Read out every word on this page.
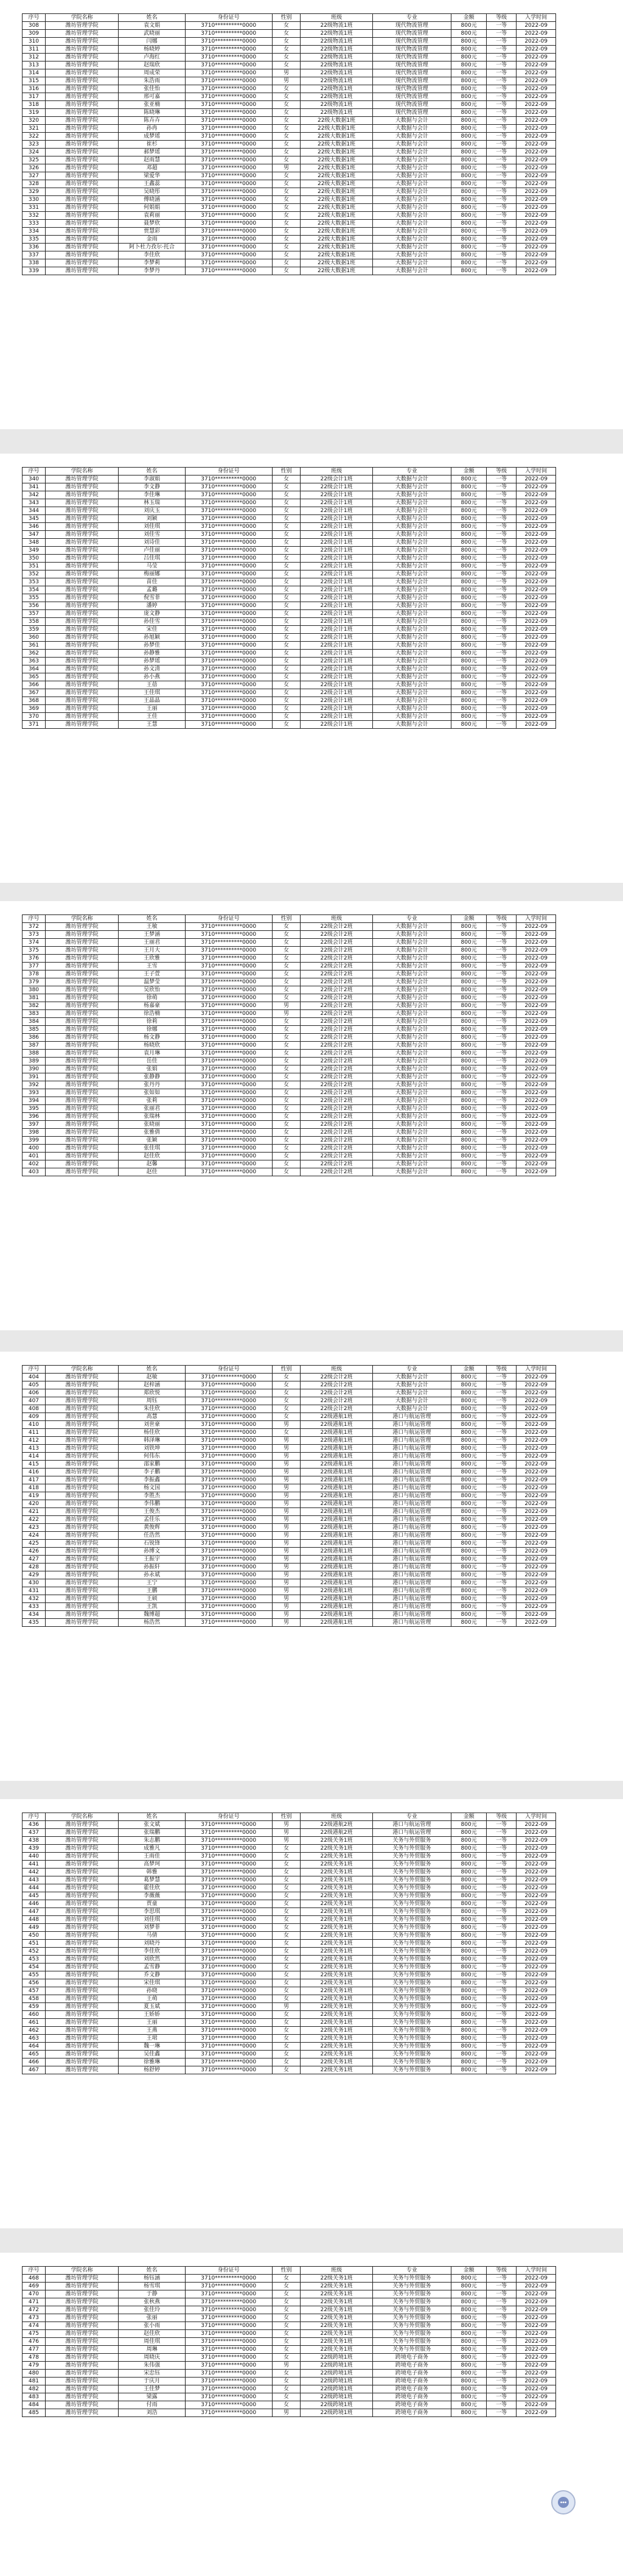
序号	学院名称	姓名	身份证号	性别	班级	专业	金额	等级	入学时间
308	潍坊管理学院	袁文娟	3710**********0000	女	22级物流1班	现代物流管理	800元	一等	2022-09
309	潍坊管理学院	武晓丽	3710**********0000	女	22级物流1班	现代物流管理	800元	一等	2022-09
310	潍坊管理学院	闫娜	3710**********0000	女	22级物流1班	现代物流管理	800元	一等	2022-09
311	潍坊管理学院	杨晓婷	3710**********0000	女	22级物流1班	现代物流管理	800元	一等	2022-09
312	潍坊管理学院	卢海红	3710**********0000	女	22级物流1班	现代物流管理	800元	一等	2022-09
313	潍坊管理学院	赵瑞欣	3710**********0000	女	22级物流1班	现代物流管理	800元	一等	2022-09
314	潍坊管理学院	周成荣	3710**********0000	男	22级物流1班	现代物流管理	800元	一等	2022-09
315	潍坊管理学院	朱浩雨	3710**********0000	男	22级物流1班	现代物流管理	800元	一等	2022-09
316	潍坊管理学院	张佳怡	3710**********0000	女	22级物流1班	现代物流管理	800元	一等	2022-09
317	潍坊管理学院	邢可嘉	3710**********0000	女	22级物流1班	现代物流管理	800元	一等	2022-09
318	潍坊管理学院	张亚楠	3710**********0000	女	22级物流1班	现代物流管理	800元	一等	2022-09
319	潍坊管理学院	陈晓琳	3710**********0000	女	22级物流1班	现代物流管理	800元	一等	2022-09
320	潍坊管理学院	陈卉卉	3710**********0000	女	22级大数据1班	大数据与会计	800元	一等	2022-09
321	潍坊管理学院	孙冉	3710**********0000	女	22级大数据1班	大数据与会计	800元	一等	2022-09
322	潍坊管理学院	成梦瑶	3710**********0000	女	22级大数据1班	大数据与会计	800元	一等	2022-09
323	潍坊管理学院	崔杉	3710**********0000	女	22级大数据1班	大数据与会计	800元	一等	2022-09
324	潍坊管理学院	郝梦瑶	3710**********0000	女	22级大数据1班	大数据与会计	800元	一等	2022-09
325	潍坊管理学院	赵雨慧	3710**********0000	女	22级大数据1班	大数据与会计	800元	一等	2022-09
326	潍坊管理学院	邓超	3710**********0000	男	22级大数据1班	大数据与会计	800元	一等	2022-09
327	潍坊管理学院	梁爱华	3710**********0000	女	22级大数据1班	大数据与会计	800元	一等	2022-09
328	潍坊管理学院	王鑫蕊	3710**********0000	女	22级大数据1班	大数据与会计	800元	一等	2022-09
329	潍坊管理学院	吴晓彤	3710**********0000	女	22级大数据1班	大数据与会计	800元	一等	2022-09
330	潍坊管理学院	傅晓涵	3710**********0000	女	22级大数据1班	大数据与会计	800元	一等	2022-09
331	潍坊管理学院	何娟娟	3710**********0000	女	22级大数据1班	大数据与会计	800元	一等	2022-09
332	潍坊管理学院	袁莉丽	3710**********0000	女	22级大数据1班	大数据与会计	800元	一等	2022-09
333	潍坊管理学院	聂梦欣	3710**********0000	女	22级大数据1班	大数据与会计	800元	一等	2022-09
334	潍坊管理学院	贾慧彩	3710**********0000	女	22级大数据1班	大数据与会计	800元	一等	2022-09
335	潍坊管理学院	金雨	3710**********0000	女	22级大数据1班	大数据与会计	800元	一等	2022-09
336	潍坊管理学院	阿卜杜力孜尔·托合	3710**********0000	女	22级大数据1班	大数据与会计	800元	一等	2022-09
337	潍坊管理学院	李佳欣	3710**********0000	女	22级大数据1班	大数据与会计	800元	一等	2022-09
338	潍坊管理学院	李梦莉	3710**********0000	女	22级大数据1班	大数据与会计	800元	一等	2022-09
339	潍坊管理学院	李梦丹	3710**********0000	女	22级大数据1班	大数据与会计	800元	一等	2022-09
序号	学院名称	姓名	身份证号	性别	班级	专业	金额	等级	入学时间
340	潍坊管理学院	李淑娟	3710**********0000	女	22级会计1班	大数据与会计	800元	一等	2022-09
341	潍坊管理学院	李文静	3710**********0000	女	22级会计1班	大数据与会计	800元	一等	2022-09
342	潍坊管理学院	李佳琳	3710**********0000	女	22级会计1班	大数据与会计	800元	一等	2022-09
343	潍坊管理学院	林玉瑞	3710**********0000	女	22级会计1班	大数据与会计	800元	一等	2022-09
344	潍坊管理学院	刘庆玉	3710**********0000	女	22级会计1班	大数据与会计	800元	一等	2022-09
345	潍坊管理学院	刘颖	3710**********0000	女	22级会计1班	大数据与会计	800元	一等	2022-09
346	潍坊管理学院	刘佳琪	3710**********0000	女	22级会计1班	大数据与会计	800元	一等	2022-09
347	潍坊管理学院	刘佳雪	3710**********0000	女	22级会计1班	大数据与会计	800元	一等	2022-09
348	潍坊管理学院	刘诗佳	3710**********0000	女	22级会计1班	大数据与会计	800元	一等	2022-09
349	潍坊管理学院	卢佳丽	3710**********0000	女	22级会计1班	大数据与会计	800元	一等	2022-09
350	潍坊管理学院	吕佳琪	3710**********0000	女	22级会计1班	大数据与会计	800元	一等	2022-09
351	潍坊管理学院	马莹	3710**********0000	女	22级会计1班	大数据与会计	800元	一等	2022-09
352	潍坊管理学院	梅丽娜	3710**********0000	女	22级会计1班	大数据与会计	800元	一等	2022-09
353	潍坊管理学院	苗佳	3710**********0000	女	22级会计1班	大数据与会计	800元	一等	2022-09
354	潍坊管理学院	孟璐	3710**********0000	女	22级会计1班	大数据与会计	800元	一等	2022-09
355	潍坊管理学院	倪雪菲	3710**********0000	女	22级会计1班	大数据与会计	800元	一等	2022-09
356	潍坊管理学院	潘婷	3710**********0000	女	22级会计1班	大数据与会计	800元	一等	2022-09
357	潍坊管理学院	庞文静	3710**********0000	女	22级会计1班	大数据与会计	800元	一等	2022-09
358	潍坊管理学院	孙佳雪	3710**********0000	女	22级会计1班	大数据与会计	800元	一等	2022-09
359	潍坊管理学院	宋佳	3710**********0000	女	22级会计1班	大数据与会计	800元	一等	2022-09
360	潍坊管理学院	孙旭颖	3710**********0000	女	22级会计1班	大数据与会计	800元	一等	2022-09
361	潍坊管理学院	孙梦佳	3710**********0000	女	22级会计1班	大数据与会计	800元	一等	2022-09
362	潍坊管理学院	孙静雅	3710**********0000	女	22级会计1班	大数据与会计	800元	一等	2022-09
363	潍坊管理学院	孙梦瑶	3710**********0000	女	22级会计1班	大数据与会计	800元	一等	2022-09
364	潍坊管理学院	孙文清	3710**********0000	女	22级会计1班	大数据与会计	800元	一等	2022-09
365	潍坊管理学院	孙小燕	3710**********0000	女	22级会计1班	大数据与会计	800元	一等	2022-09
366	潍坊管理学院	王蓓	3710**********0000	女	22级会计1班	大数据与会计	800元	一等	2022-09
367	潍坊管理学院	王佳琪	3710**********0000	女	22级会计1班	大数据与会计	800元	一等	2022-09
368	潍坊管理学院	王晶晶	3710**********0000	女	22级会计1班	大数据与会计	800元	一等	2022-09
369	潍坊管理学院	王丽	3710**********0000	女	22级会计1班	大数据与会计	800元	一等	2022-09
370	潍坊管理学院	王佳	3710**********0000	女	22级会计1班	大数据与会计	800元	一等	2022-09
371	潍坊管理学院	王慧	3710**********0000	女	22级会计1班	大数据与会计	800元	一等	2022-09
序号	学院名称	姓名	身份证号	性别	班级	专业	金额	等级	入学时间
372	潍坊管理学院	王敏	3710**********0000	女	22级会计2班	大数据与会计	800元	一等	2022-09
373	潍坊管理学院	王梦涵	3710**********0000	女	22级会计2班	大数据与会计	800元	一等	2022-09
374	潍坊管理学院	王丽君	3710**********0000	女	22级会计2班	大数据与会计	800元	一等	2022-09
375	潍坊管理学院	王月大	3710**********0000	女	22级会计2班	大数据与会计	800元	一等	2022-09
376	潍坊管理学院	王欣雅	3710**********0000	女	22级会计2班	大数据与会计	800元	一等	2022-09
377	潍坊管理学院	王雪	3710**********0000	女	22级会计2班	大数据与会计	800元	一等	2022-09
378	潍坊管理学院	王子萱	3710**********0000	女	22级会计2班	大数据与会计	800元	一等	2022-09
379	潍坊管理学院	温梦莹	3710**********0000	女	22级会计2班	大数据与会计	800元	一等	2022-09
380	潍坊管理学院	吴欣怡	3710**********0000	女	22级会计2班	大数据与会计	800元	一等	2022-09
381	潍坊管理学院	徐萌	3710**********0000	女	22级会计2班	大数据与会计	800元	一等	2022-09
382	潍坊管理学院	杨嘉豪	3710**********0000	男	22级会计2班	大数据与会计	800元	一等	2022-09
383	潍坊管理学院	徐浩楠	3710**********0000	男	22级会计2班	大数据与会计	800元	一等	2022-09
384	潍坊管理学院	徐莉	3710**********0000	女	22级会计2班	大数据与会计	800元	一等	2022-09
385	潍坊管理学院	徐娜	3710**********0000	女	22级会计2班	大数据与会计	800元	一等	2022-09
386	潍坊管理学院	杨文静	3710**********0000	女	22级会计2班	大数据与会计	800元	一等	2022-09
387	潍坊管理学院	杨晓欣	3710**********0000	女	22级会计2班	大数据与会计	800元	一等	2022-09
388	潍坊管理学院	袁月琳	3710**********0000	女	22级会计2班	大数据与会计	800元	一等	2022-09
389	潍坊管理学院	岳佳	3710**********0000	女	22级会计2班	大数据与会计	800元	一等	2022-09
390	潍坊管理学院	张娟	3710**********0000	女	22级会计2班	大数据与会计	800元	一等	2022-09
391	潍坊管理学院	张静静	3710**********0000	女	22级会计2班	大数据与会计	800元	一等	2022-09
392	潍坊管理学院	张丹丹	3710**********0000	女	22级会计2班	大数据与会计	800元	一等	2022-09
393	潍坊管理学院	张如如	3710**********0000	女	22级会计2班	大数据与会计	800元	一等	2022-09
394	潍坊管理学院	张莉	3710**********0000	女	22级会计2班	大数据与会计	800元	一等	2022-09
395	潍坊管理学院	张丽君	3710**********0000	女	22级会计2班	大数据与会计	800元	一等	2022-09
396	潍坊管理学院	张瑞林	3710**********0000	女	22级会计2班	大数据与会计	800元	一等	2022-09
397	潍坊管理学院	张晓丽	3710**********0000	女	22级会计2班	大数据与会计	800元	一等	2022-09
398	潍坊管理学院	张雅倩	3710**********0000	女	22级会计2班	大数据与会计	800元	一等	2022-09
399	潍坊管理学院	张颖	3710**********0000	女	22级会计2班	大数据与会计	800元	一等	2022-09
400	潍坊管理学院	张佳琪	3710**********0000	女	22级会计2班	大数据与会计	800元	一等	2022-09
401	潍坊管理学院	赵佳欣	3710**********0000	女	22级会计2班	大数据与会计	800元	一等	2022-09
402	潍坊管理学院	赵馨	3710**********0000	女	22级会计2班	大数据与会计	800元	一等	2022-09
403	潍坊管理学院	赵佳	3710**********0000	女	22级会计2班	大数据与会计	800元	一等	2022-09
序号	学院名称	姓名	身份证号	性别	班级	专业	金额	等级	入学时间
404	潍坊管理学院	赵敏	3710**********0000	女	22级会计2班	大数据与会计	800元	一等	2022-09
405	潍坊管理学院	赵梓涵	3710**********0000	女	22级会计2班	大数据与会计	800元	一等	2022-09
406	潍坊管理学院	郑欣悦	3710**********0000	女	22级会计2班	大数据与会计	800元	一等	2022-09
407	潍坊管理学院	周钰	3710**********0000	女	22级会计2班	大数据与会计	800元	一等	2022-09
408	潍坊管理学院	朱佳欣	3710**********0000	女	22级会计2班	大数据与会计	800元	一等	2022-09
409	潍坊管理学院	高慧	3710**********0000	女	22级港航1班	港口与航运管理	800元	一等	2022-09
410	潍坊管理学院	刘世豪	3710**********0000	男	22级港航1班	港口与航运管理	800元	一等	2022-09
411	潍坊管理学院	杨佳欣	3710**********0000	女	22级港航1班	港口与航运管理	800元	一等	2022-09
412	潍坊管理学院	韩泽琳	3710**********0000	男	22级港航1班	港口与航运管理	800元	一等	2022-09
413	潍坊管理学院	刘铁坤	3710**********0000	男	22级港航1班	港口与航运管理	800元	一等	2022-09
414	潍坊管理学院	何伟东	3710**********0000	男	22级港航1班	港口与航运管理	800元	一等	2022-09
415	潍坊管理学院	邵家鹏	3710**********0000	男	22级港航1班	港口与航运管理	800元	一等	2022-09
416	潍坊管理学院	李子鹏	3710**********0000	男	22级港航1班	港口与航运管理	800元	一等	2022-09
417	潍坊管理学院	李振鑫	3710**********0000	男	22级港航1班	港口与航运管理	800元	一等	2022-09
418	潍坊管理学院	杨文国	3710**********0000	男	22级港航1班	港口与航运管理	800元	一等	2022-09
419	潍坊管理学院	李胜杰	3710**********0000	男	22级港航1班	港口与航运管理	800元	一等	2022-09
420	潍坊管理学院	李伟鹏	3710**********0000	男	22级港航1班	港口与航运管理	800元	一等	2022-09
421	潍坊管理学院	王俊杰	3710**********0000	男	22级港航1班	港口与航运管理	800元	一等	2022-09
422	潍坊管理学院	孟佳乐	3710**********0000	男	22级港航1班	港口与航运管理	800元	一等	2022-09
423	潍坊管理学院	黄俊辉	3710**********0000	男	22级港航1班	港口与航运管理	800元	一等	2022-09
424	潍坊管理学院	任浩然	3710**********0000	男	22级港航1班	港口与航运管理	800元	一等	2022-09
425	潍坊管理学院	石锐锋	3710**********0000	男	22级港航1班	港口与航运管理	800元	一等	2022-09
426	潍坊管理学院	孙博文	3710**********0000	男	22级港航1班	港口与航运管理	800元	一等	2022-09
427	潍坊管理学院	王振宇	3710**********0000	男	22级港航1班	港口与航运管理	800元	一等	2022-09
428	潍坊管理学院	孙振轩	3710**********0000	男	22级港航1班	港口与航运管理	800元	一等	2022-09
429	潍坊管理学院	孙永斌	3710**********0000	男	22级港航1班	港口与航运管理	800元	一等	2022-09
430	潍坊管理学院	王宁	3710**********0000	男	22级港航1班	港口与航运管理	800元	一等	2022-09
431	潍坊管理学院	王鹏	3710**********0000	男	22级港航1班	港口与航运管理	800元	一等	2022-09
432	潍坊管理学院	王硕	3710**********0000	男	22级港航1班	港口与航运管理	800元	一等	2022-09
433	潍坊管理学院	王凯	3710**********0000	男	22级港航1班	港口与航运管理	800元	一等	2022-09
434	潍坊管理学院	魏博超	3710**********0000	男	22级港航1班	港口与航运管理	800元	一等	2022-09
435	潍坊管理学院	杨浩然	3710**********0000	男	22级港航1班	港口与航运管理	800元	一等	2022-09
序号	学院名称	姓名	身份证号	性别	班级	专业	金额	等级	入学时间
436	潍坊管理学院	张文斌	3710**********0000	男	22级港航2班	港口与航运管理	800元	一等	2022-09
437	潍坊管理学院	张瑞鹏	3710**********0000	男	22级港航2班	港口与航运管理	800元	一等	2022-09
438	潍坊管理学院	朱志鹏	3710**********0000	男	22级关务1班	关务与外贸服务	800元	一等	2022-09
439	潍坊管理学院	成雅凡	3710**********0000	女	22级关务1班	关务与外贸服务	800元	一等	2022-09
440	潍坊管理学院	王雨佳	3710**********0000	女	22级关务1班	关务与外贸服务	800元	一等	2022-09
441	潍坊管理学院	高梦珂	3710**********0000	女	22级关务1班	关务与外贸服务	800元	一等	2022-09
442	潍坊管理学院	韩雅	3710**********0000	女	22级关务1班	关务与外贸服务	800元	一等	2022-09
443	潍坊管理学院	葛梦慧	3710**********0000	女	22级关务1班	关务与外贸服务	800元	一等	2022-09
444	潍坊管理学院	霍佳欣	3710**********0000	女	22级关务1班	关务与外贸服务	800元	一等	2022-09
445	潍坊管理学院	李薇薇	3710**********0000	女	22级关务1班	关务与外贸服务	800元	一等	2022-09
446	潍坊管理学院	贾童	3710**********0000	女	22级关务1班	关务与外贸服务	800元	一等	2022-09
447	潍坊管理学院	李思琪	3710**********0000	女	22级关务1班	关务与外贸服务	800元	一等	2022-09
448	潍坊管理学院	刘佳琪	3710**********0000	女	22级关务1班	关务与外贸服务	800元	一等	2022-09
449	潍坊管理学院	刘梦菲	3710**********0000	女	22级关务1班	关务与外贸服务	800元	一等	2022-09
450	潍坊管理学院	马倩	3710**********0000	女	22级关务1班	关务与外贸服务	800元	一等	2022-09
451	潍坊管理学院	刘晓丹	3710**********0000	女	22级关务1班	关务与外贸服务	800元	一等	2022-09
452	潍坊管理学院	李佳欣	3710**********0000	女	22级关务1班	关务与外贸服务	800元	一等	2022-09
453	潍坊管理学院	刘欣然	3710**********0000	女	22级关务1班	关务与外贸服务	800元	一等	2022-09
454	潍坊管理学院	孟雪静	3710**********0000	女	22级关务1班	关务与外贸服务	800元	一等	2022-09
455	潍坊管理学院	乔文静	3710**********0000	女	22级关务1班	关务与外贸服务	800元	一等	2022-09
456	潍坊管理学院	宋佳琪	3710**********0000	女	22级关务1班	关务与外贸服务	800元	一等	2022-09
457	潍坊管理学院	孙晓	3710**********0000	女	22级关务1班	关务与外贸服务	800元	一等	2022-09
458	潍坊管理学院	王萌	3710**********0000	女	22级关务1班	关务与外贸服务	800元	一等	2022-09
459	潍坊管理学院	夏玉斌	3710**********0000	男	22级关务1班	关务与外贸服务	800元	一等	2022-09
460	潍坊管理学院	王娇娇	3710**********0000	女	22级关务1班	关务与外贸服务	800元	一等	2022-09
461	潍坊管理学院	王丽	3710**********0000	女	22级关务1班	关务与外贸服务	800元	一等	2022-09
462	潍坊管理学院	王燕	3710**********0000	女	22级关务1班	关务与外贸服务	800元	一等	2022-09
463	潍坊管理学院	王珺	3710**********0000	女	22级关务1班	关务与外贸服务	800元	一等	2022-09
464	潍坊管理学院	魏一琳	3710**********0000	女	22级关务1班	关务与外贸服务	800元	一等	2022-09
465	潍坊管理学院	吴佳鑫	3710**********0000	女	22级关务1班	关务与外贸服务	800元	一等	2022-09
466	潍坊管理学院	徐雅琳	3710**********0000	女	22级关务1班	关务与外贸服务	800元	一等	2022-09
467	潍坊管理学院	杨舒婷	3710**********0000	女	22级关务1班	关务与外贸服务	800元	一等	2022-09
序号	学院名称	姓名	身份证号	性别	班级	专业	金额	等级	入学时间
468	潍坊管理学院	杨钰涵	3710**********0000	女	22级关务1班	关务与外贸服务	800元	一等	2022-09
469	潍坊管理学院	杨雪琪	3710**********0000	女	22级关务1班	关务与外贸服务	800元	一等	2022-09
470	潍坊管理学院	于静	3710**********0000	女	22级关务1班	关务与外贸服务	800元	一等	2022-09
471	潍坊管理学院	张秋燕	3710**********0000	女	22级关务1班	关务与外贸服务	800元	一等	2022-09
472	潍坊管理学院	张佳玲	3710**********0000	女	22级关务1班	关务与外贸服务	800元	一等	2022-09
473	潍坊管理学院	张丽	3710**********0000	女	22级关务1班	关务与外贸服务	800元	一等	2022-09
474	潍坊管理学院	张小雨	3710**********0000	女	22级关务1班	关务与外贸服务	800元	一等	2022-09
475	潍坊管理学院	赵佳欣	3710**********0000	女	22级关务1班	关务与外贸服务	800元	一等	2022-09
476	潍坊管理学院	周佳琪	3710**********0000	女	22级关务1班	关务与外贸服务	800元	一等	2022-09
477	潍坊管理学院	周琳	3710**********0000	女	22级关务1班	关务与外贸服务	800元	一等	2022-09
478	潍坊管理学院	周晓庆	3710**********0000	女	22级跨境1班	跨境电子商务	800元	一等	2022-09
479	潍坊管理学院	朱伟强	3710**********0000	男	22级跨境1班	跨境电子商务	800元	一等	2022-09
480	潍坊管理学院	宋忠钰	3710**********0000	女	22级跨境1班	跨境电子商务	800元	一等	2022-09
481	潍坊管理学院	于庆月	3710**********0000	女	22级跨境1班	跨境电子商务	800元	一等	2022-09
482	潍坊管理学院	王佳梦	3710**********0000	女	22级跨境1班	跨境电子商务	800元	一等	2022-09
483	潍坊管理学院	梁露	3710**********0000	女	22级跨境1班	跨境电子商务	800元	一等	2022-09
484	潍坊管理学院	付雨	3710**********0000	女	22级跨境1班	跨境电子商务	800元	一等	2022-09
485	潍坊管理学院	刘浩	3710**********0000	男	22级跨境1班	跨境电子商务	800元	一等	2022-09
